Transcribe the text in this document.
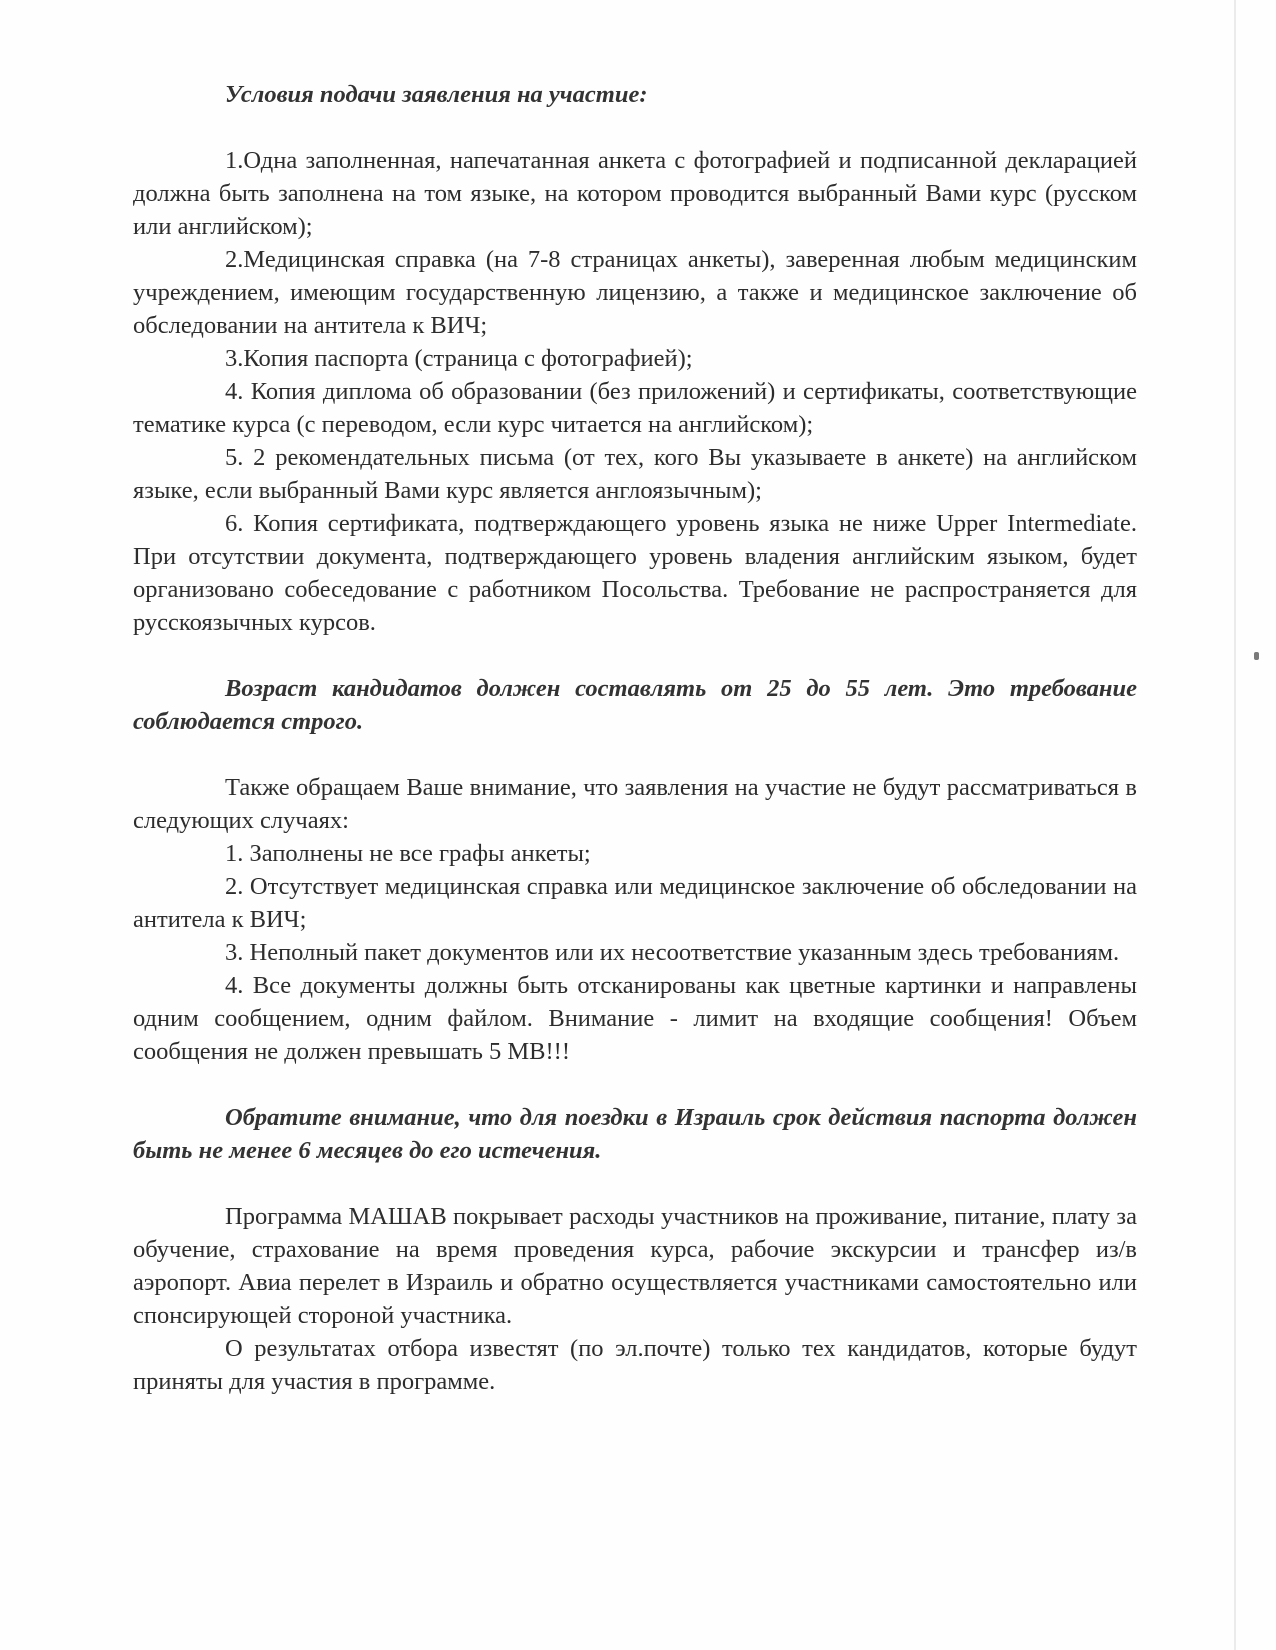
Условия подачи заявления на участие:

1.Одна заполненная, напечатанная анкета с фотографией и подписанной декларацией должна быть заполнена на том языке, на котором проводится выбранный Вами курс (русском или английском);

2.Медицинская справка (на 7-8 страницах анкеты), заверенная любым медицинским учреждением, имеющим государственную лицензию, а также и медицинское заключение об обследовании на антитела к ВИЧ;

3.Копия паспорта (страница с фотографией);

4. Копия диплома об образовании (без приложений) и сертификаты, соответствующие тематике курса (с переводом, если курс читается на английском);

5. 2 рекомендательных письма (от тех, кого Вы указываете в анкете) на английском языке, если выбранный Вами курс является англоязычным);

6. Копия сертификата, подтверждающего уровень языка не ниже Upper Intermediate. При отсутствии документа, подтверждающего уровень владения английским языком, будет организовано собеседование с работником Посольства. Требование не распространяется для русскоязычных курсов.

Возраст кандидатов должен составлять от 25 до 55 лет. Это требование соблюдается строго.

Также обращаем Ваше внимание, что заявления на участие не будут рассматриваться в следующих случаях:

1. Заполнены не все графы анкеты;

2. Отсутствует медицинская справка или медицинское заключение об обследовании на антитела к ВИЧ;

3. Неполный пакет документов или их несоответствие указанным здесь требованиям.

4. Все документы должны быть отсканированы как цветные картинки и направлены одним сообщением, одним файлом. Внимание - лимит на входящие сообщения! Объем сообщения не должен превышать 5 MB!!!

Обратите внимание, что для поездки в Израиль срок действия паспорта должен быть не менее 6 месяцев до его истечения.

Программа МАШАВ покрывает расходы участников на проживание, питание, плату за обучение, страхование на время проведения курса, рабочие экскурсии и трансфер из/в аэропорт. Авиа перелет в Израиль и обратно осуществляется участниками самостоятельно или спонсирующей стороной участника.

О результатах отбора известят (по эл.почте) только тех кандидатов, которые будут приняты для участия в программе.
